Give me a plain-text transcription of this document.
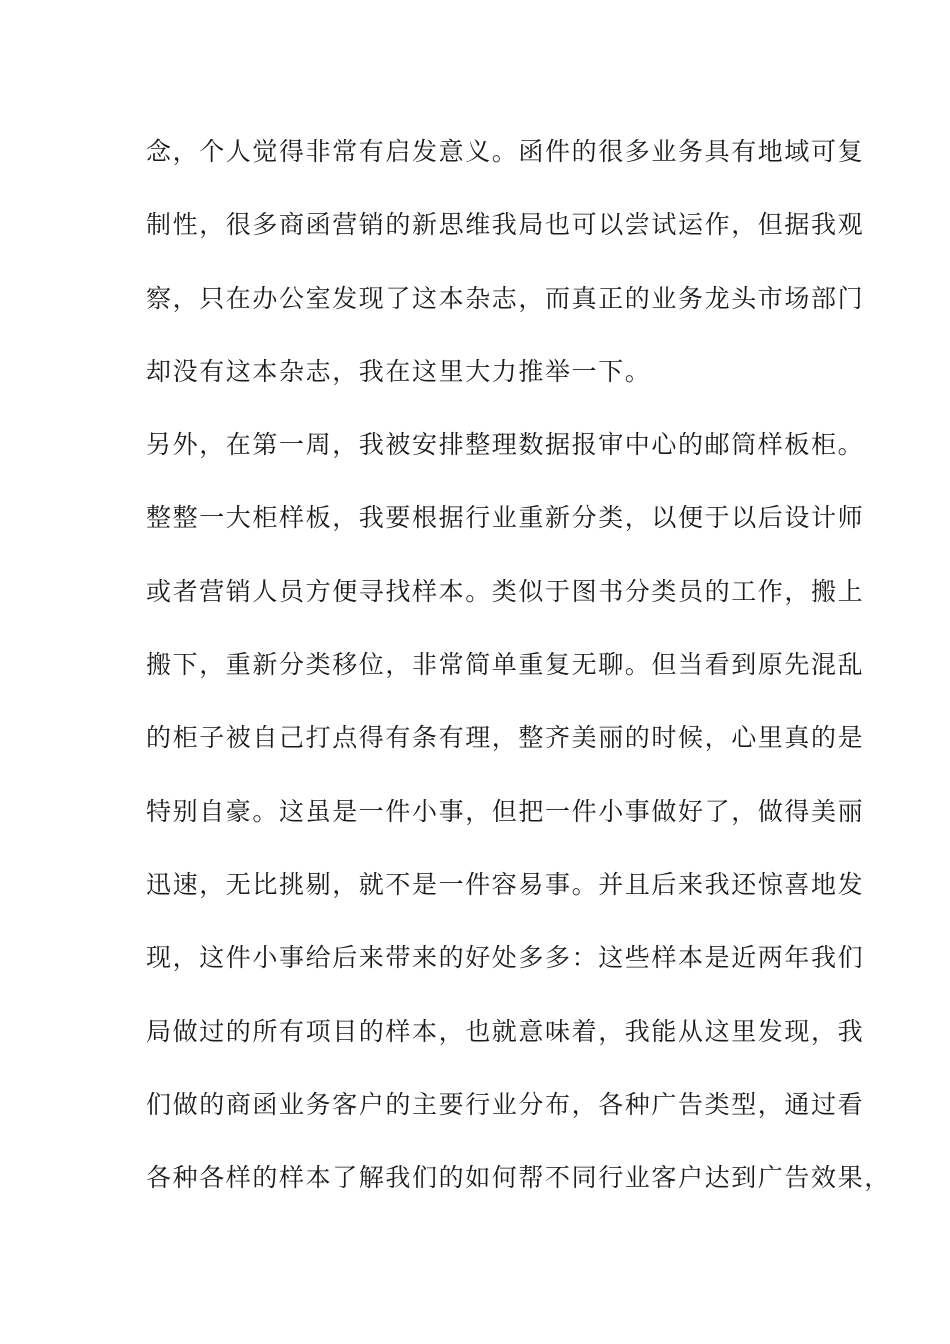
念，个人觉得非常有启发意义。函件的很多业务具有地域可复
制性，很多商函营销的新思维我局也可以尝试运作，但据我观
察，只在办公室发现了这本杂志，而真正的业务龙头市场部门
却没有这本杂志，我在这里大力推举一下。
另外，在第一周，我被安排整理数据报审中心的邮筒样板柜。
整整一大柜样板，我要根据行业重新分类，以便于以后设计师
或者营销人员方便寻找样本。类似于图书分类员的工作，搬上
搬下，重新分类移位，非常简单重复无聊。但当看到原先混乱
的柜子被自己打点得有条有理，整齐美丽的时候，心里真的是
特别自豪。这虽是一件小事，但把一件小事做好了，做得美丽
迅速，无比挑剔，就不是一件容易事。并且后来我还惊喜地发
现，这件小事给后来带来的好处多多：这些样本是近两年我们
局做过的所有项目的样本，也就意味着，我能从这里发现，我
们做的商函业务客户的主要行业分布，各种广告类型，通过看
各种各样的样本了解我们的如何帮不同行业客户达到广告效果，
